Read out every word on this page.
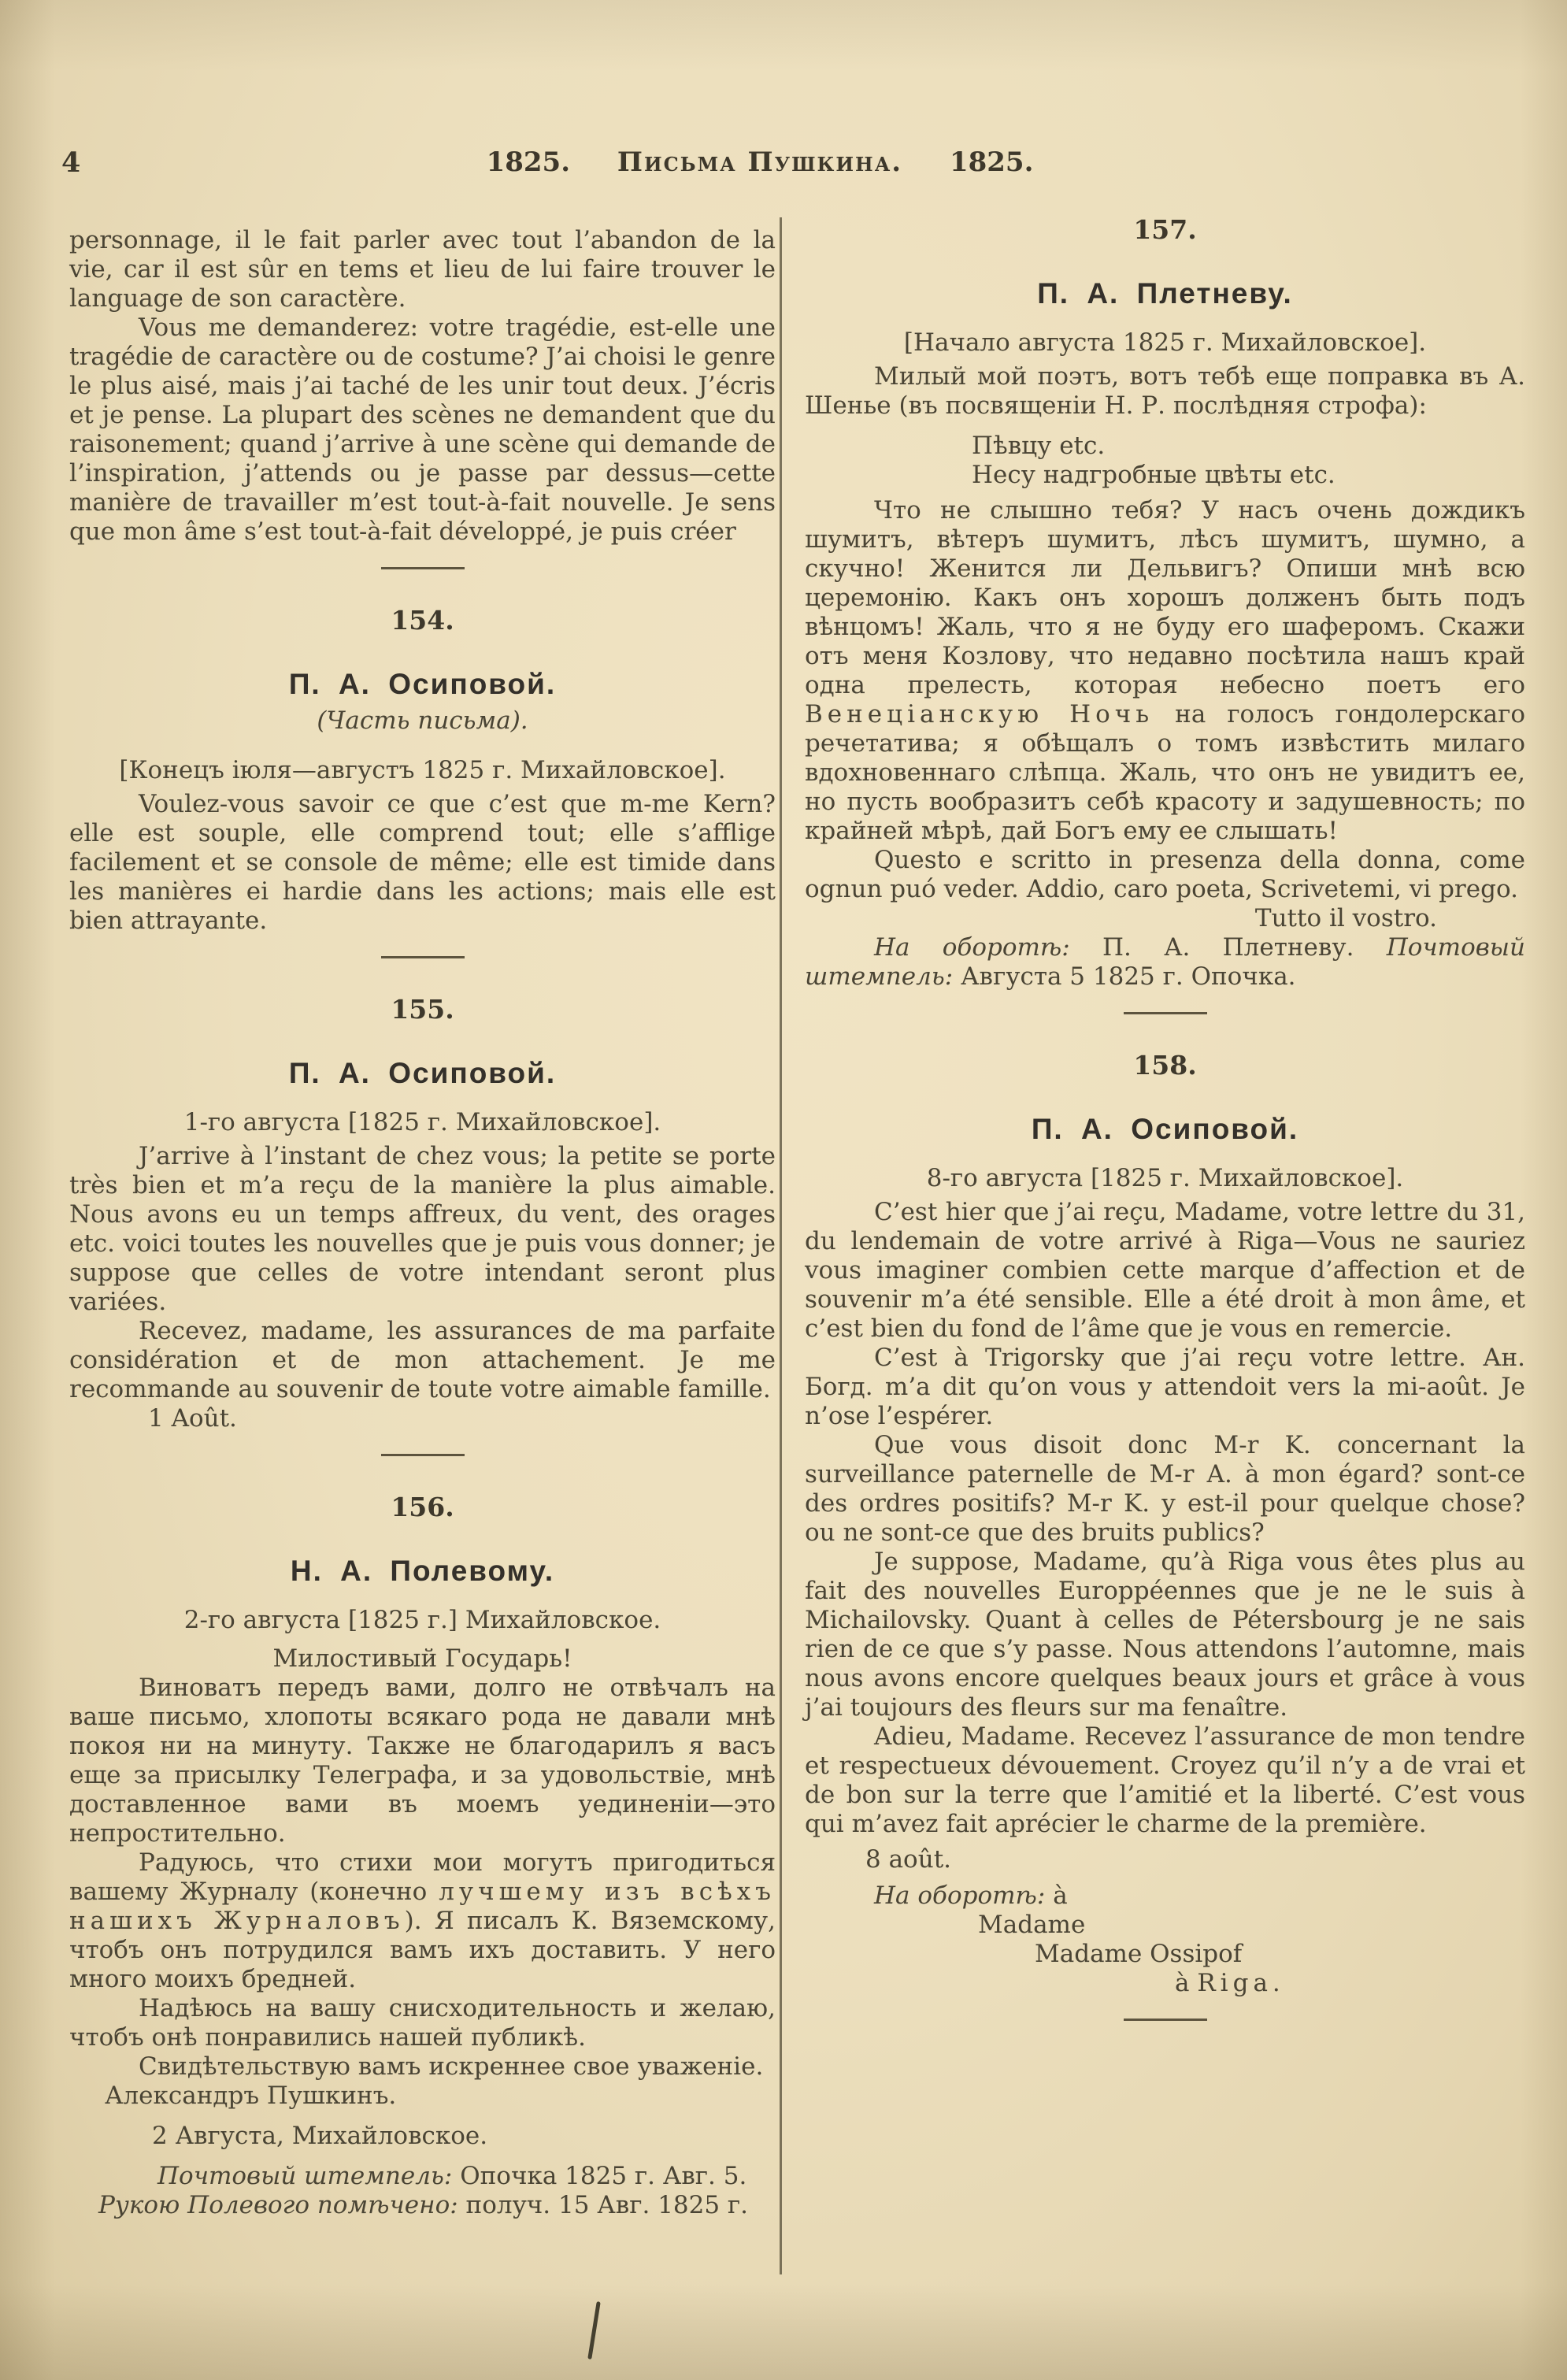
4	1825. Письма Пушкина. 1825.

personnage, il le fait parler avec tout l’abandon de la vie, car il est sûr en tems et lieu de lui faire trouver le language de son caractère.

Vous me demanderez: votre tragédie, est-elle une tragédie de caractère ou de costume? J’ai choisi le genre le plus aisé, mais j’ai taché de les unir tout deux. J’écris et je pense. La plupart des scènes ne demandent que du raisonement; quand j’arrive à une scène qui demande de l’inspiration, j’attends ou je passe par dessus—cette manière de travailler m’est tout-à-fait nouvelle. Je sens que mon âme s’est tout-à-fait développé, je puis créer

154.

П. А. Осиповой.

(Часть письма).

[Конецъ іюля—августъ 1825 г. Михайловское].

Voulez-vous savoir ce que c’est que m-me Kern? elle est souple, elle comprend tout; elle s’afflige facilement et se console de même; elle est timide dans les manières ei hardie dans les actions; mais elle est bien attrayante.

155.

П. А. Осиповой.

1-го августа [1825 г. Михайловское].

J’arrive à l’instant de chez vous; la petite se porte très bien et m’a reçu de la manière la plus aimable. Nous avons eu un temps affreux, du vent, des orages etc. voici toutes les nouvelles que je puis vous donner; je suppose que celles de votre intendant seront plus variées.

Recevez, madame, les assurances de ma parfaite considération et de mon attachement. Je me recommande au souvenir de toute votre aimable famille.

1 Août.

156.

Н. А. Полевому.

2-го августа [1825 г.] Михайловское.

Милостивый Государь!

Виноватъ передъ вами, долго не отвѣчалъ на ваше письмо, хлопоты всякаго рода не давали мнѣ покоя ни на минуту. Также не благодарилъ я васъ еще за присылку Телеграфа, и за удовольствіе, мнѣ доставленное вами въ моемъ уединеніи—это непростительно.

Радуюсь, что стихи мои могутъ пригодиться вашему Журналу (конечно лучшему изъ всѣхъ нашихъ Журналовъ). Я писалъ К. Вяземскому, чтобъ онъ потрудился вамъ ихъ доставить. У него много моихъ бредней.

Надѣюсь на вашу снисходительность и желаю, чтобъ онѣ понравились нашей публикѣ.

Свидѣтельствую вамъ искреннее свое уваженіе.

Александръ Пушкинъ.

2 Августа, Михайловское.

Почтовый штемпель: Опочка 1825 г. Авг. 5.

Рукою Полевого помѣчено: получ. 15 Авг. 1825 г.

157.

П. А. Плетневу.

[Начало августа 1825 г. Михайловское].

Милый мой поэтъ, вотъ тебѣ еще поправка въ А. Шенье (въ посвященіи Н. Р. послѣдняя строфа):

Пѣвцу etc.
Несу надгробные цвѣты etc.

Что не слышно тебя? У насъ очень дождикъ шумитъ, вѣтеръ шумитъ, лѣсъ шумитъ, шумно, а скучно! Женится ли Дельвигъ? Опиши мнѣ всю церемонію. Какъ онъ хорошъ долженъ быть подъ вѣнцомъ! Жаль, что я не буду его шаферомъ. Скажи отъ меня Козлову, что недавно посѣтила нашъ край одна прелесть, которая небесно поетъ его Венеціанскую Ночь на голосъ гондолерскаго речетатива; я обѣщалъ о томъ извѣстить милаго вдохновеннаго слѣпца. Жаль, что онъ не увидитъ ее, но пусть вообразитъ себѣ красоту и задушевность; по крайней мѣрѣ, дай Богъ ему ее слышать!

Questo e scritto in presenza della donna, come ognun puó veder. Addio, caro poeta, Scrivetemi, vi prego.

Tutto il vostro.

На оборотѣ: П. А. Плетневу. Почтовый штемпель: Августа 5 1825 г. Опочка.

158.

П. А. Осиповой.

8-го августа [1825 г. Михайловское].

C’est hier que j’ai reçu, Madame, votre lettre du 31, du lendemain de votre arrivé à Riga—Vous ne sauriez vous imaginer combien cette marque d’affection et de souvenir m’a été sensible. Elle a été droit à mon âme, et c’est bien du fond de l’âme que je vous en remercie.

C’est à Trigorsky que j’ai reçu votre lettre. Ан. Богд. m’a dit qu’on vous y attendoit vers la mi-août. Je n’ose l’espérer.

Que vous disoit donc M-r K. concernant la surveillance paternelle de M-r A. à mon égard? sont-ce des ordres positifs? M-r K. y est-il pour quelque chose? ou ne sont-ce que des bruits publics?

Je suppose, Madame, qu’à Riga vous êtes plus au fait des nouvelles Europpéennes que je ne le suis à Michailovsky. Quant à celles de Pétersbourg je ne sais rien de ce que s’y passe. Nous attendons l’automne, mais nous avons encore quelques beaux jours et grâce à vous j’ai toujours des fleurs sur ma fenaître.

Adieu, Madame. Recevez l’assurance de mon tendre et respectueux dévouement. Croyez qu’il n’y a de vrai et de bon sur la terre que l’amitié et la liberté. C’est vous qui m’avez fait aprécier le charme de la première.

8 août.

На оборотѣ: à
Madame
Madame Ossipof
à Riga.
